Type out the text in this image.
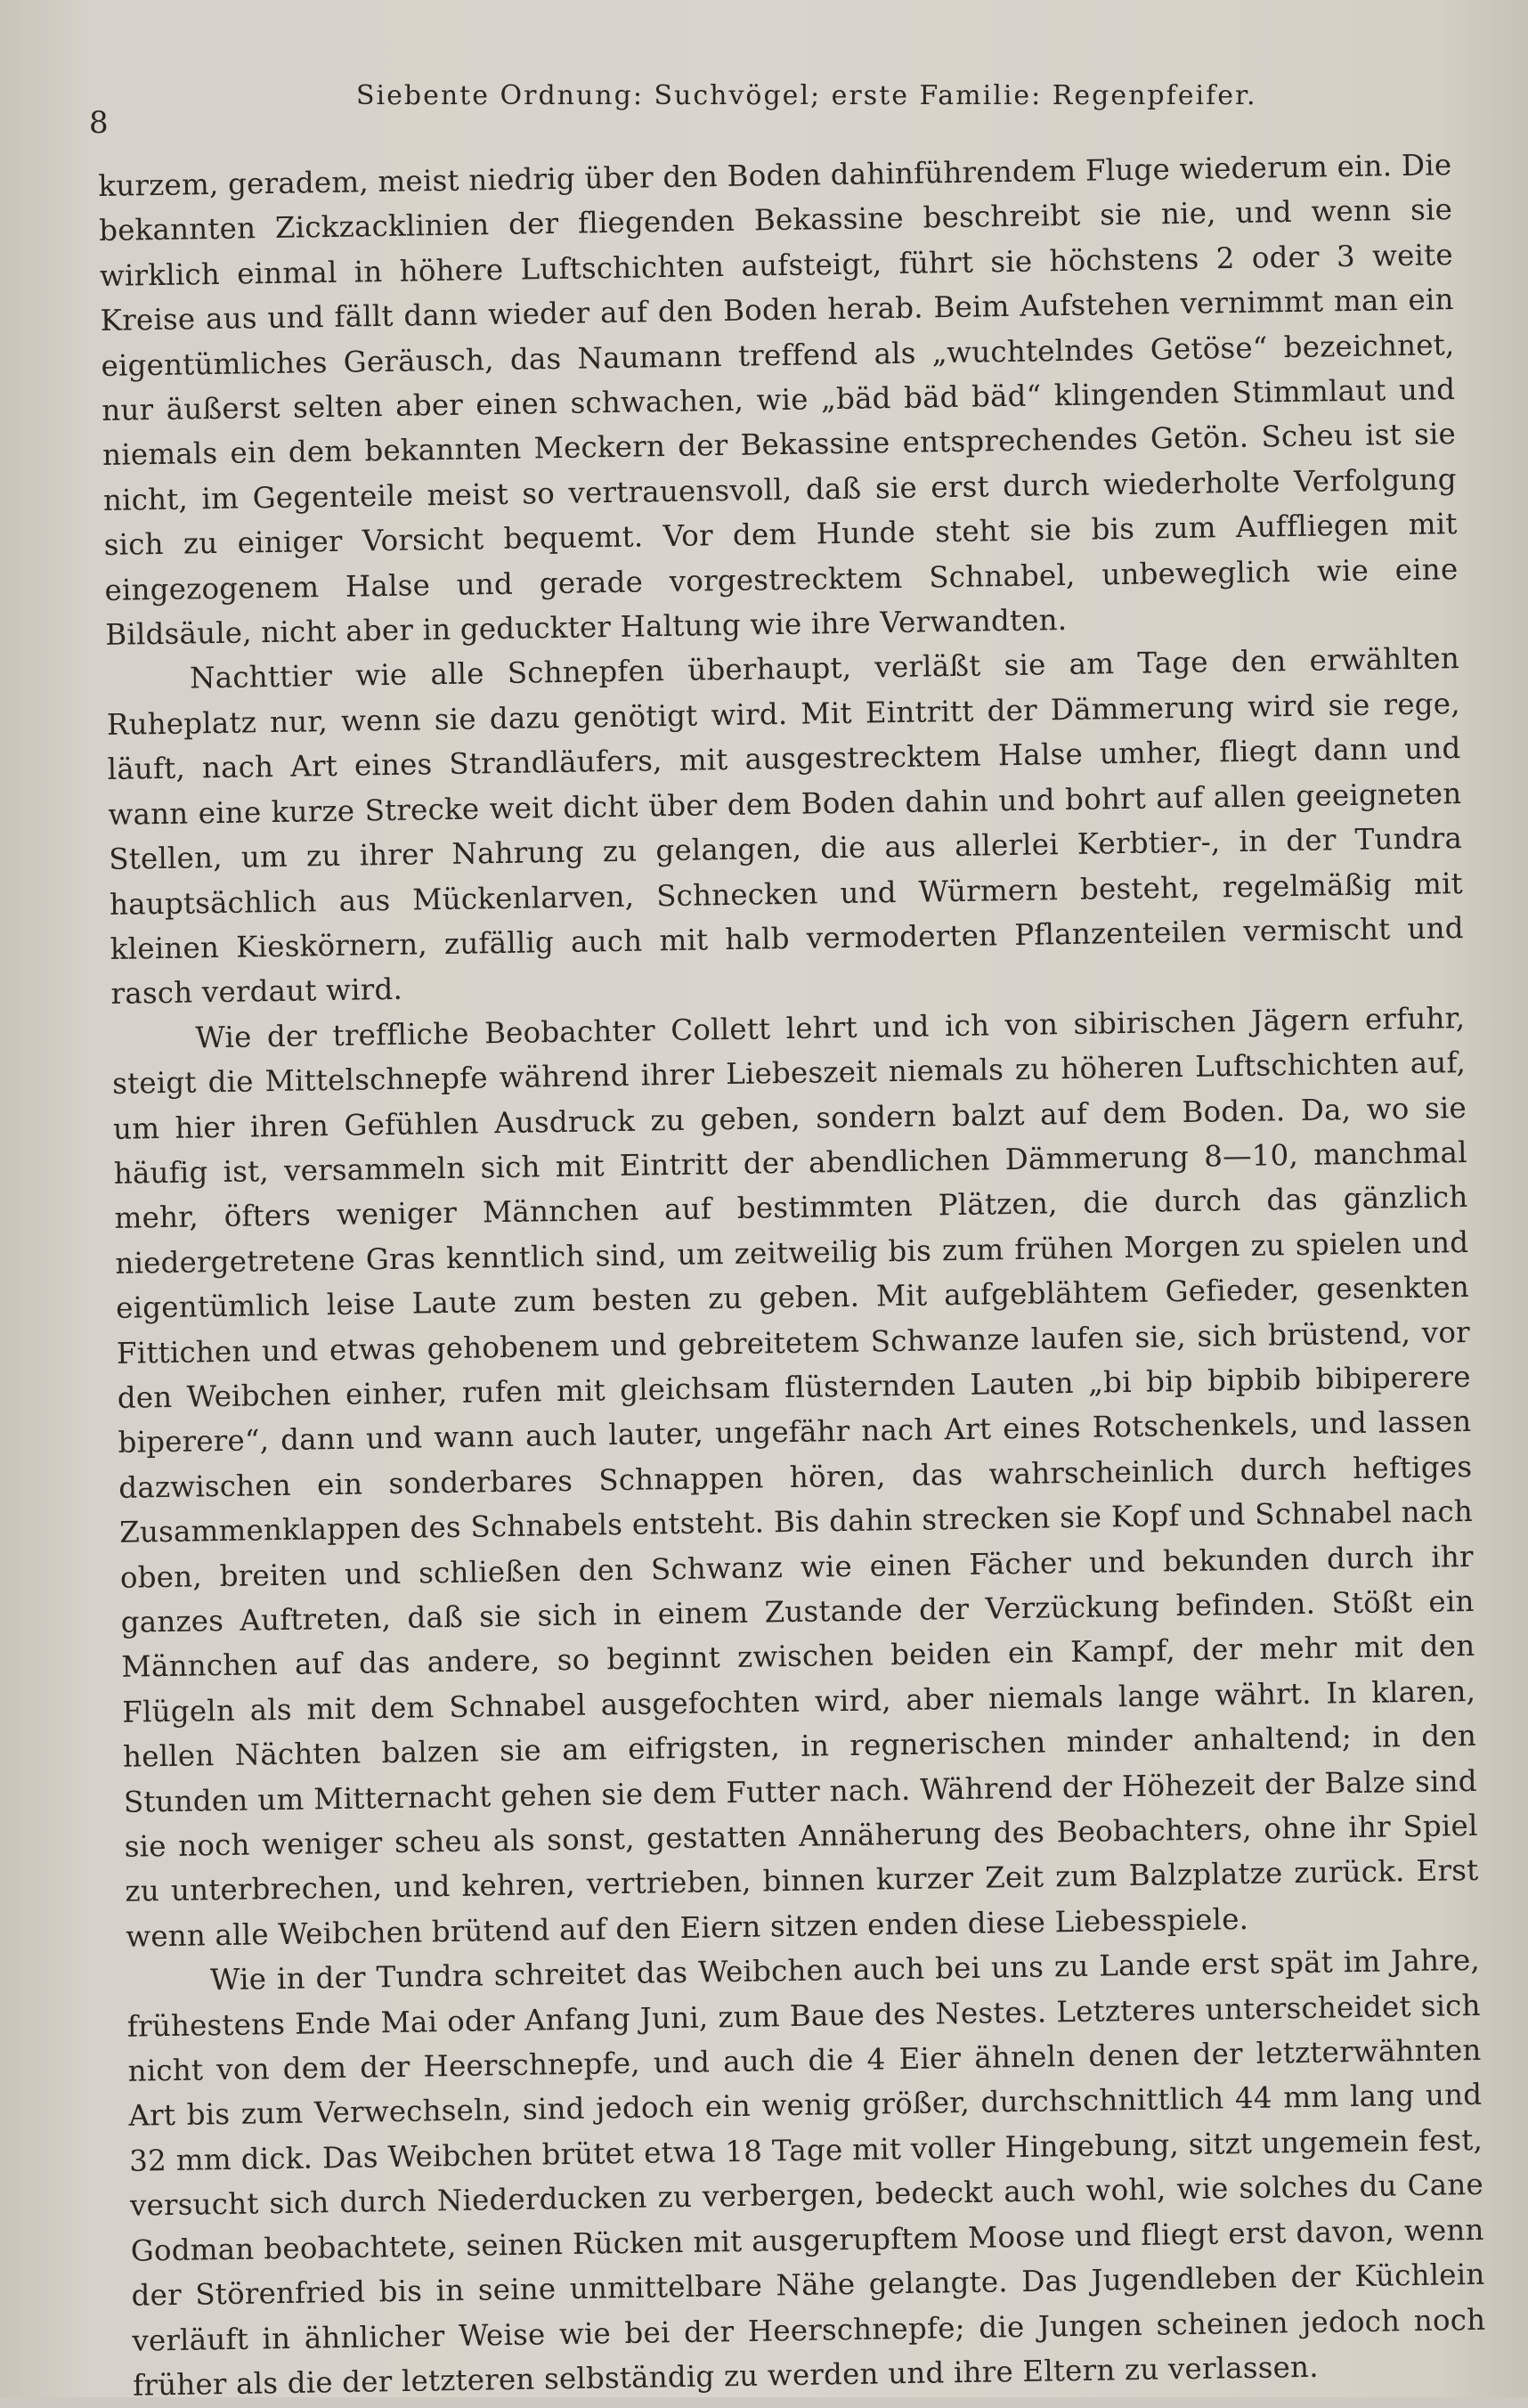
8
Siebente Ordnung: Suchvögel; erste Familie: Regenpfeifer.

kurzem, geradem, meist niedrig über den Boden dahinführendem Fluge wiederum ein. Die bekannten Zickzacklinien der fliegenden Bekassine beschreibt sie nie, und wenn sie wirklich einmal in höhere Luftschichten aufsteigt, führt sie höchstens 2 oder 3 weite Kreise aus und fällt dann wieder auf den Boden herab. Beim Aufstehen vernimmt man ein eigentümliches Geräusch, das Naumann treffend als „wuchtelndes Getöse“ bezeichnet, nur äußerst selten aber einen schwachen, wie „bäd bäd bäd“ klingenden Stimmlaut und niemals ein dem bekannten Meckern der Bekassine entsprechendes Getön. Scheu ist sie nicht, im Gegenteile meist so vertrauensvoll, daß sie erst durch wiederholte Verfolgung sich zu einiger Vorsicht bequemt. Vor dem Hunde steht sie bis zum Auffliegen mit eingezogenem Halse und gerade vorgestrecktem Schnabel, unbeweglich wie eine Bildsäule, nicht aber in geduckter Haltung wie ihre Verwandten.

Nachttier wie alle Schnepfen überhaupt, verläßt sie am Tage den erwählten Ruheplatz nur, wenn sie dazu genötigt wird. Mit Eintritt der Dämmerung wird sie rege, läuft, nach Art eines Strandläufers, mit ausgestrecktem Halse umher, fliegt dann und wann eine kurze Strecke weit dicht über dem Boden dahin und bohrt auf allen geeigneten Stellen, um zu ihrer Nahrung zu gelangen, die aus allerlei Kerbtier-, in der Tundra hauptsächlich aus Mückenlarven, Schnecken und Würmern besteht, regelmäßig mit kleinen Kieskörnern, zufällig auch mit halb vermoderten Pflanzenteilen vermischt und rasch verdaut wird.

Wie der treffliche Beobachter Collett lehrt und ich von sibirischen Jägern erfuhr, steigt die Mittelschnepfe während ihrer Liebeszeit niemals zu höheren Luftschichten auf, um hier ihren Gefühlen Ausdruck zu geben, sondern balzt auf dem Boden. Da, wo sie häufig ist, versammeln sich mit Eintritt der abendlichen Dämmerung 8—10, manchmal mehr, öfters weniger Männchen auf bestimmten Plätzen, die durch das gänzlich niedergetretene Gras kenntlich sind, um zeitweilig bis zum frühen Morgen zu spielen und eigentümlich leise Laute zum besten zu geben. Mit aufgeblähtem Gefieder, gesenkten Fittichen und etwas gehobenem und gebreitetem Schwanze laufen sie, sich brüstend, vor den Weibchen einher, rufen mit gleichsam flüsternden Lauten „bi bip bipbib bibiperere biperere“, dann und wann auch lauter, ungefähr nach Art eines Rotschenkels, und lassen dazwischen ein sonderbares Schnappen hören, das wahrscheinlich durch heftiges Zusammenklappen des Schnabels entsteht. Bis dahin strecken sie Kopf und Schnabel nach oben, breiten und schließen den Schwanz wie einen Fächer und bekunden durch ihr ganzes Auftreten, daß sie sich in einem Zustande der Verzückung befinden. Stößt ein Männchen auf das andere, so beginnt zwischen beiden ein Kampf, der mehr mit den Flügeln als mit dem Schnabel ausgefochten wird, aber niemals lange währt. In klaren, hellen Nächten balzen sie am eifrigsten, in regnerischen minder anhaltend; in den Stunden um Mitternacht gehen sie dem Futter nach. Während der Höhezeit der Balze sind sie noch weniger scheu als sonst, gestatten Annäherung des Beobachters, ohne ihr Spiel zu unterbrechen, und kehren, vertrieben, binnen kurzer Zeit zum Balzplatze zurück. Erst wenn alle Weibchen brütend auf den Eiern sitzen enden diese Liebesspiele.

Wie in der Tundra schreitet das Weibchen auch bei uns zu Lande erst spät im Jahre, frühestens Ende Mai oder Anfang Juni, zum Baue des Nestes. Letzteres unterscheidet sich nicht von dem der Heerschnepfe, und auch die 4 Eier ähneln denen der letzterwähnten Art bis zum Verwechseln, sind jedoch ein wenig größer, durchschnittlich 44 mm lang und 32 mm dick. Das Weibchen brütet etwa 18 Tage mit voller Hingebung, sitzt ungemein fest, versucht sich durch Niederducken zu verbergen, bedeckt auch wohl, wie solches du Cane Godman beobachtete, seinen Rücken mit ausgerupftem Moose und fliegt erst davon, wenn der Störenfried bis in seine unmittelbare Nähe gelangte. Das Jugendleben der Küchlein verläuft in ähnlicher Weise wie bei der Heerschnepfe; die Jungen scheinen jedoch noch früher als die der letzteren selbständig zu werden und ihre Eltern zu verlassen.
